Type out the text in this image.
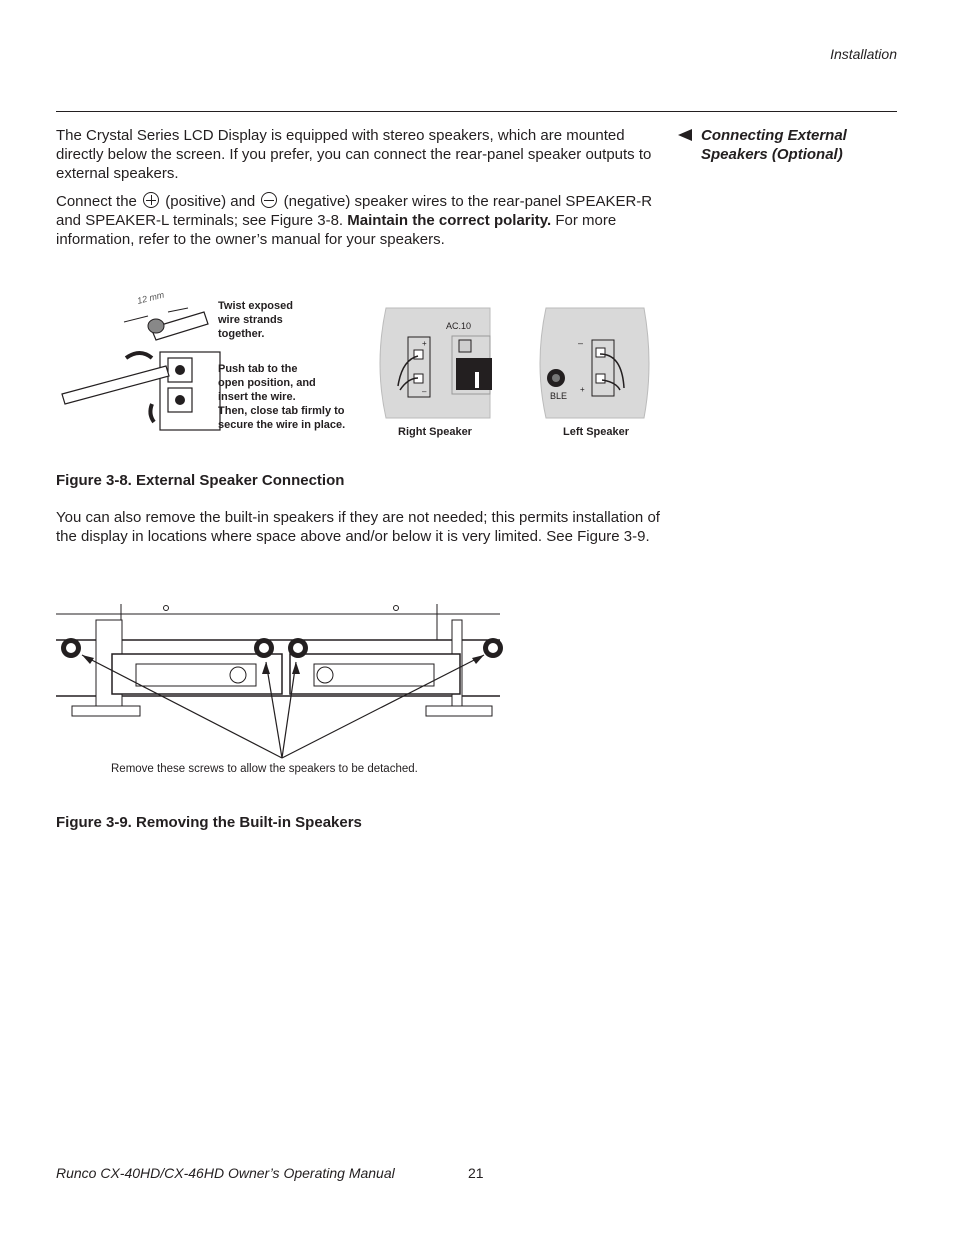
Installation
Connecting External Speakers (Optional)
The Crystal Series LCD Display is equipped with stereo speakers, which are mounted directly below the screen. If you prefer, you can connect the rear-panel speaker outputs to external speakers.
Connect the (positive) and (negative) speaker wires to the rear-panel SPEAKER-R and SPEAKER-L terminals; see Figure 3-8. Maintain the correct polarity. For more information, refer to the owner’s manual for your speakers.
12 mm
Twist exposed wire strands together.
Push tab to the open position, and insert the wire. Then, close tab firmly to secure the wire in place.
AC.10
+
–
Right Speaker
BLE
–
+
Left Speaker
Figure 3-8. External Speaker Connection
You can also remove the built-in speakers if they are not needed; this permits installation of the display in locations where space above and/or below it is very limited. See Figure 3-9.
Remove these screws to allow the speakers to be detached.
Figure 3-9. Removing the Built-in Speakers
Runco CX-40HD/CX-46HD Owner’s Operating Manual	21
